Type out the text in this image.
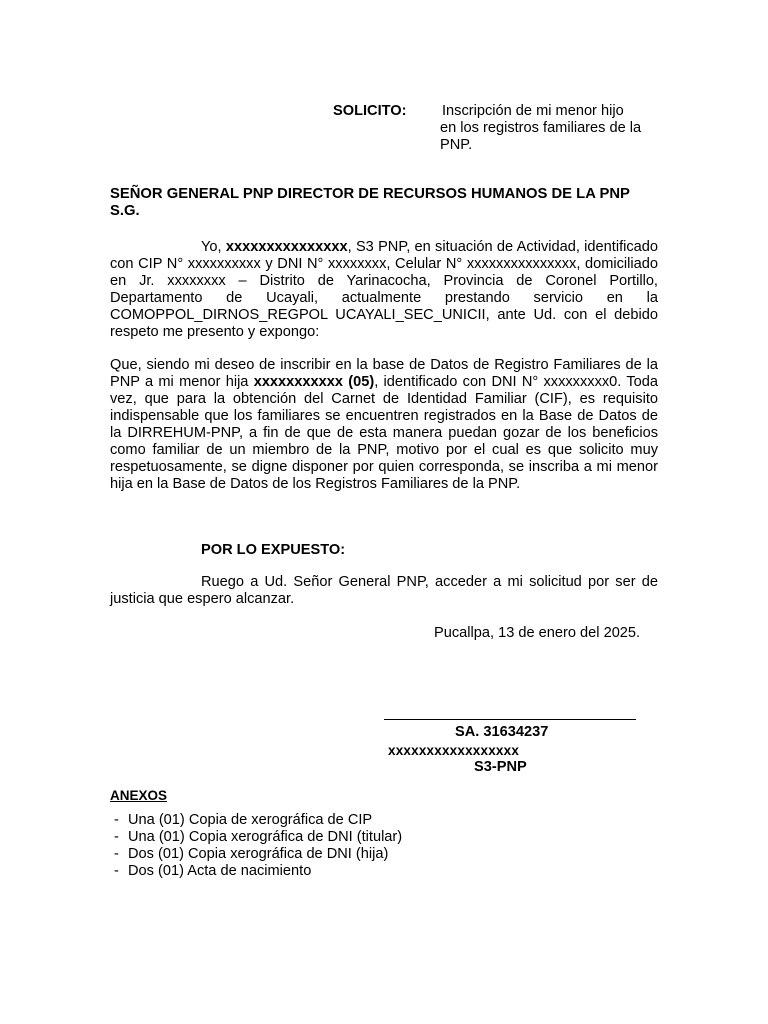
SOLICITO: Inscripción de mi menor hijo
en los registros familiares de la
PNP.
SEÑOR GENERAL PNP DIRECTOR DE RECURSOS HUMANOS DE LA PNP
S.G.
Yo, xxxxxxxxxxxxxxx, S3 PNP, en situación de Actividad, identificado con CIP N° xxxxxxxxxx y DNI N° xxxxxxxx, Celular N° xxxxxxxxxxxxxxx, domiciliado en Jr. xxxxxxxx – Distrito de Yarinacocha, Provincia de Coronel Portillo, Departamento de Ucayali, actualmente prestando servicio en la COMOPPOL_DIRNOS_REGPOL UCAYALI_SEC_UNICII, ante Ud. con el debido respeto me presento y expongo:
Que, siendo mi deseo de inscribir en la base de Datos de Registro Familiares de la PNP a mi menor hija xxxxxxxxxxx (05), identificado con DNI N° xxxxxxxxx0. Toda vez, que para la obtención del Carnet de Identidad Familiar (CIF), es requisito indispensable que los familiares se encuentren registrados en la Base de Datos de la DIRREHUM-PNP, a fin de que de esta manera puedan gozar de los beneficios como familiar de un miembro de la PNP, motivo por el cual es que solicito muy respetuosamente, se digne disponer por quien corresponda, se inscriba a mi menor hija en la Base de Datos de los Registros Familiares de la PNP.
POR LO EXPUESTO:
Ruego a Ud. Señor General PNP, acceder a mi solicitud por ser de justicia que espero alcanzar.
Pucallpa, 13 de enero del 2025.
SA. 31634237
xxxxxxxxxxxxxxxxx
S3-PNP
ANEXOS
- Una (01) Copia de xerográfica de CIP
- Una (01) Copia xerográfica de DNI (titular)
- Dos (01) Copia xerográfica de DNI (hija)
- Dos (01) Acta de nacimiento
